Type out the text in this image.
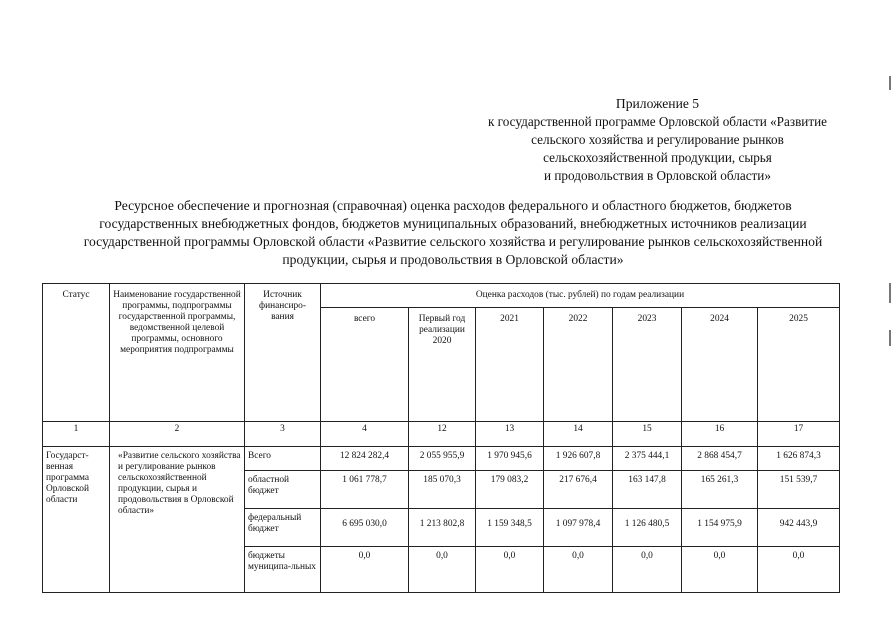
Приложение 5
к государственной программе Орловской области «Развитие
сельского хозяйства и регулирование рынков
сельскохозяйственной продукции, сырья
и продовольствия в Орловской области»
Ресурсное обеспечение и прогнозная (справочная) оценка расходов федерального и областного бюджетов, бюджетов
государственных внебюджетных фондов, бюджетов муниципальных образований, внебюджетных источников реализации
государственной программы Орловской области «Развитие сельского хозяйства и регулирование рынков сельскохозяйственной
продукции, сырья и продовольствия в Орловской области»
Статус	Наименование государственной программы, подпрограммы государственной программы, ведомственной целевой программы, основного мероприятия подпрограммы	Источник финансиро-вания	Оценка расходов (тыс. рублей) по годам реализации						
			всего	Первый год реализации 2020	2021	2022	2023	2024	2025
1	2	3	4	12	13	14	15	16	17
Государст-венная программа Орловской области	«Развитие сельского хозяйства и регулирование рынков сельскохозяйственной продукции, сырья и продовольствия в Орловской области»	Всего	12 824 282,4	2 055 955,9	1 970 945,6	1 926 607,8	2 375 444,1	2 868 454,7	1 626 874,3
		областной бюджет	1 061 778,7	185 070,3	179 083,2	217 676,4	163 147,8	165 261,3	151 539,7
		федеральный бюджет	6 695 030,0	1 213 802,8	1 159 348,5	1 097 978,4	1 126 480,5	1 154 975,9	942 443,9
		бюджеты муниципа-льных	0,0	0,0	0,0	0,0	0,0	0,0	0,0
